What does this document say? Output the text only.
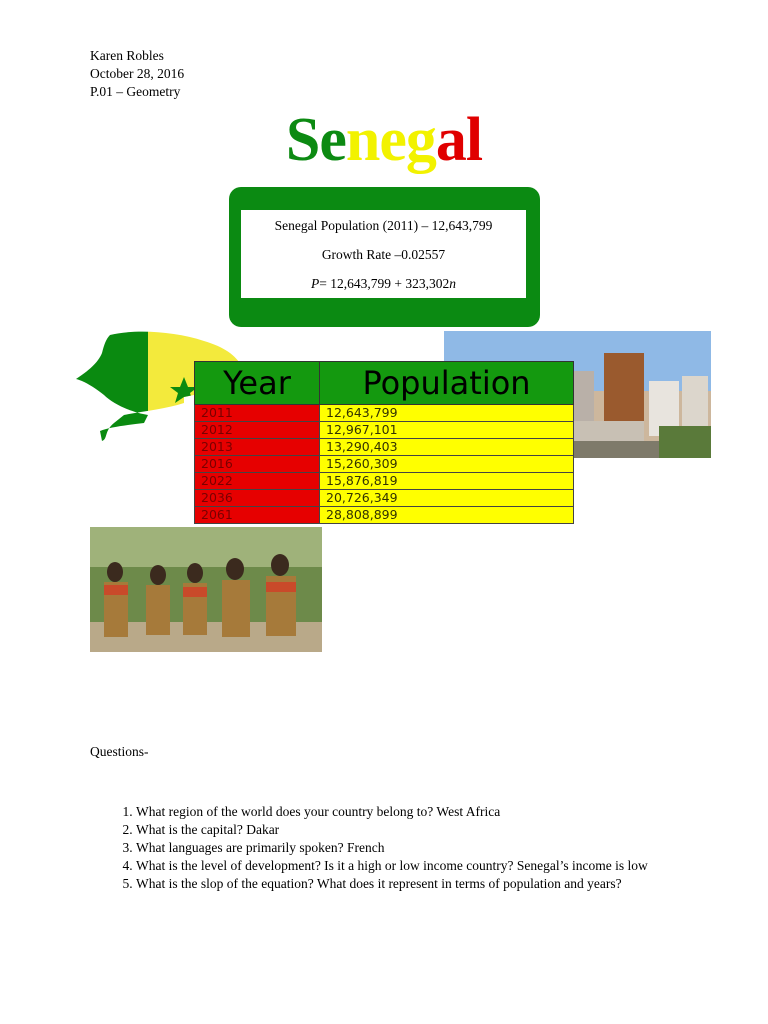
Karen Robles
October 28, 2016
P.01 – Geometry
Senegal
Senegal Population (2011) – 12,643,799
Growth Rate –0.02557
P= 12,643,799 + 323,302n
Year	Population
2011	12,643,799
2012	12,967,101
2013	13,290,403
2016	15,260,309
2022	15,876,819
2036	20,726,349
2061	28,808,899
Questions-
1. What region of the world does your country belong to? West Africa
2. What is the capital? Dakar
3. What languages are primarily spoken? French
4. What is the level of development? Is it a high or low income country? Senegal’s income is low
5. What is the slop of the equation? What does it represent in terms of population and years?
